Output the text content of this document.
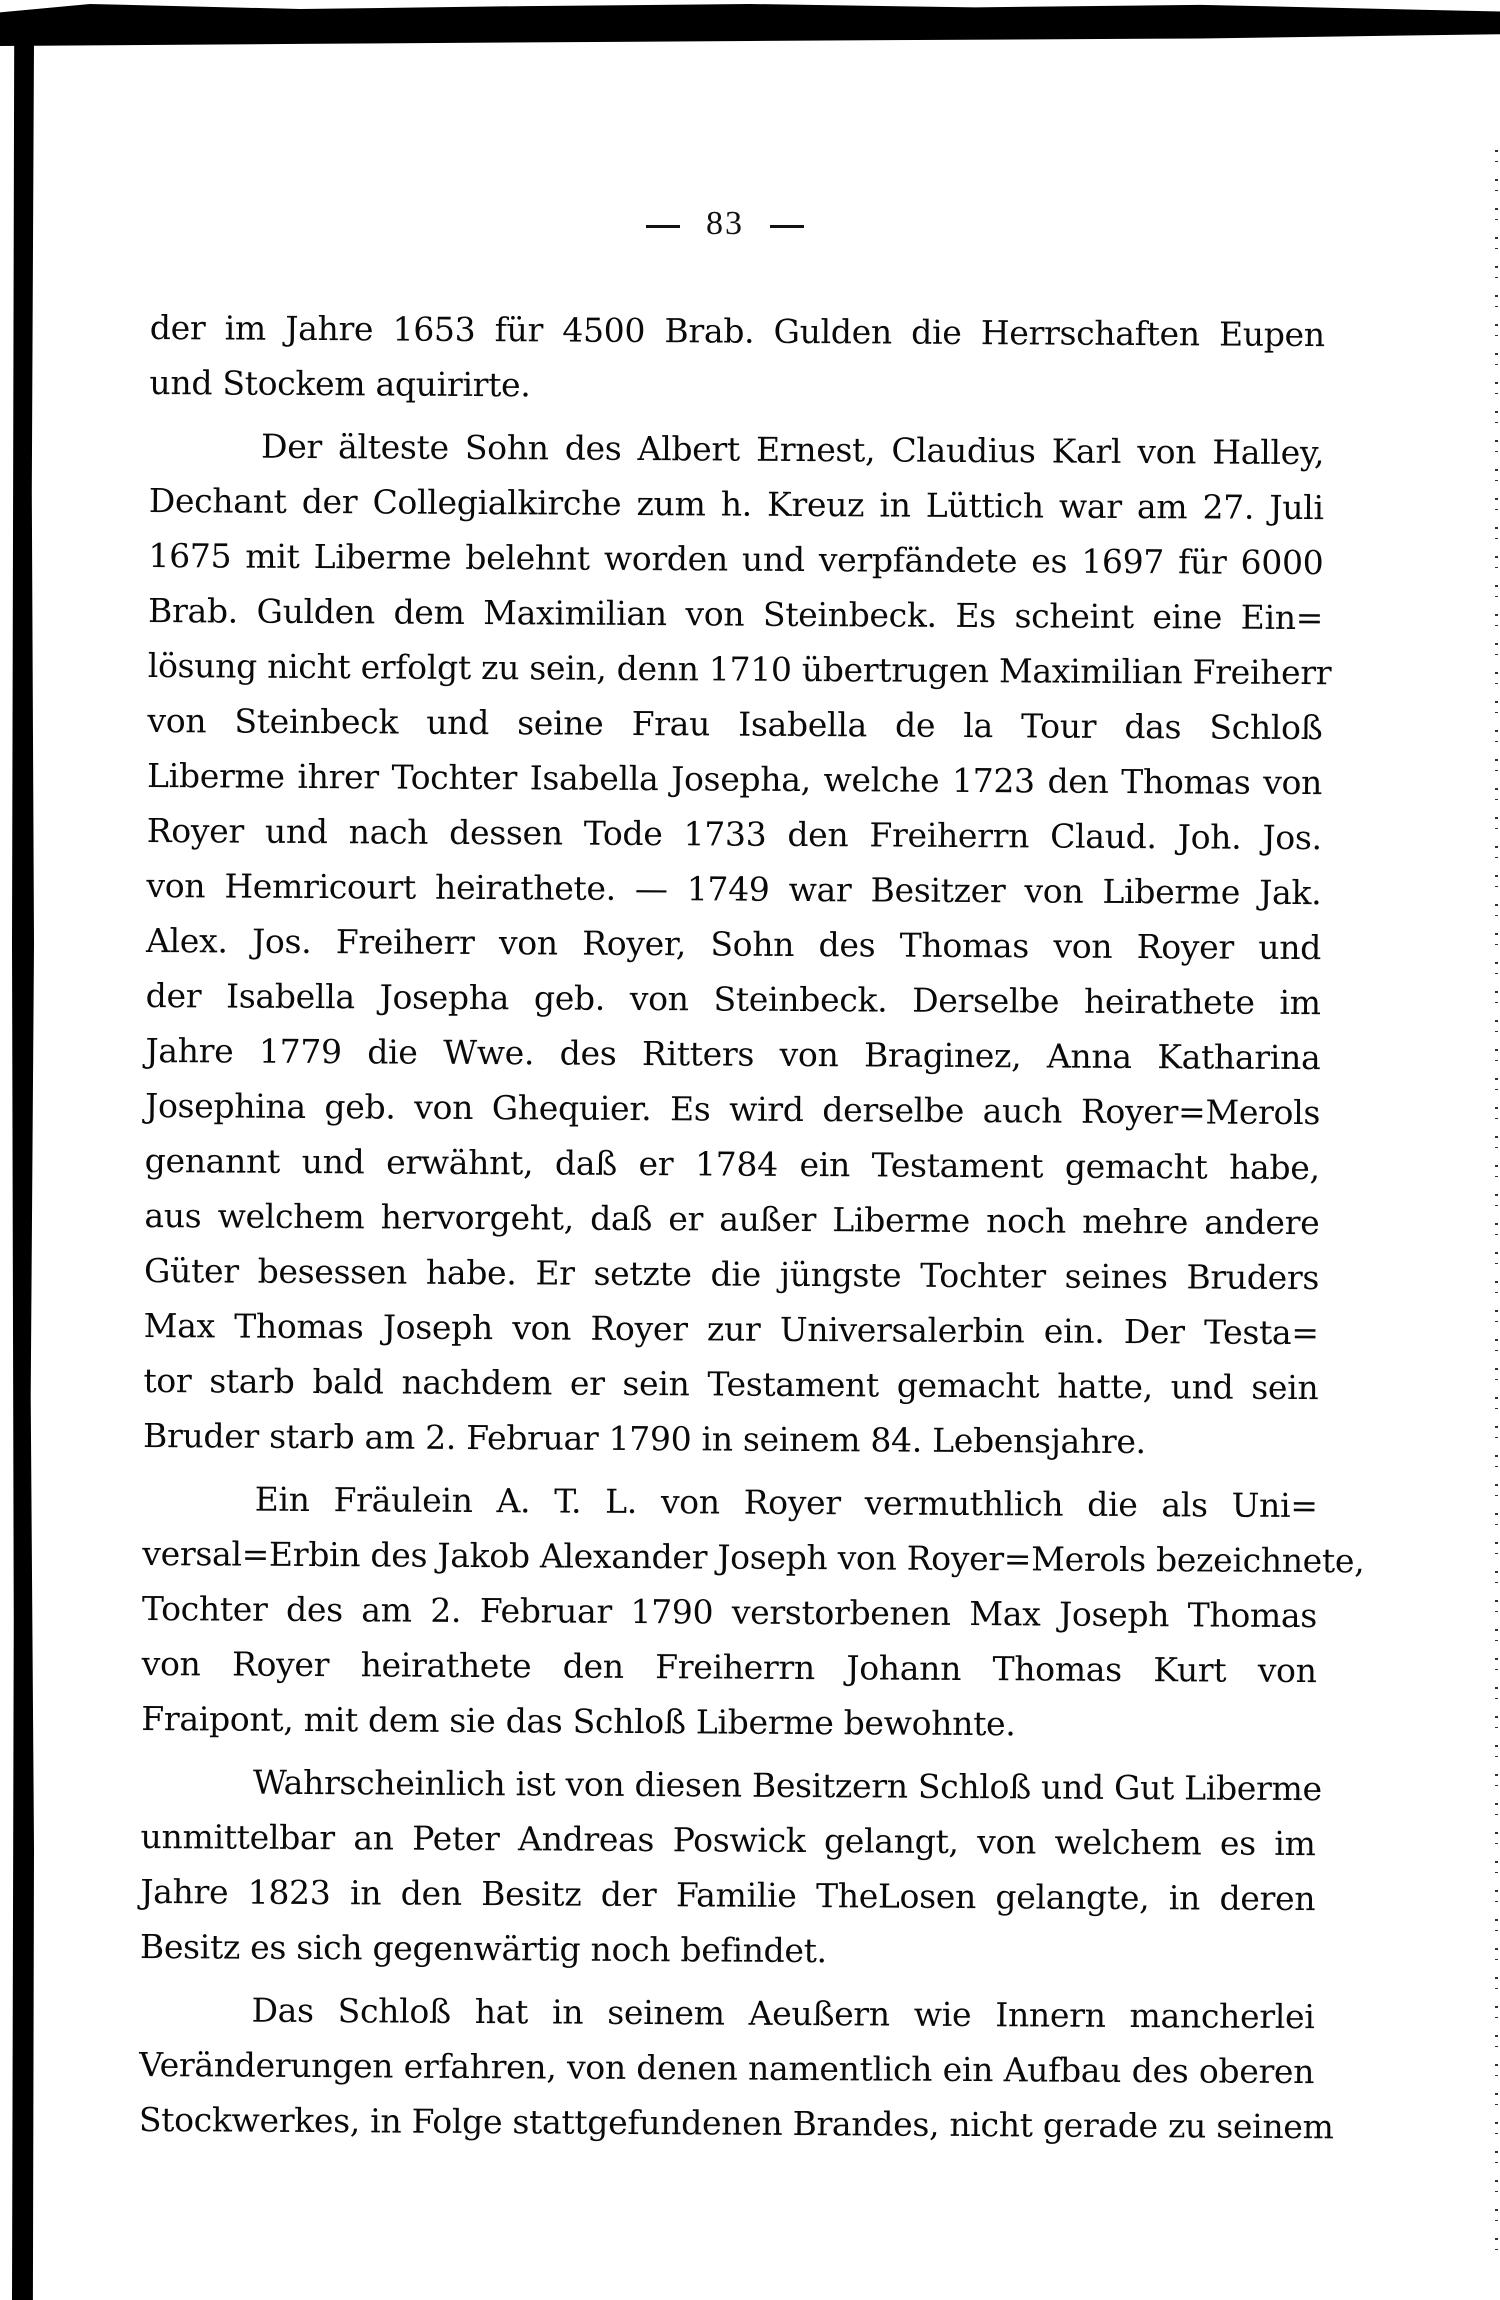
83
der im Jahre 1653 für 4500 Brab. Gulden die Herrschaften Eupen
und Stockem aquirirte.
Der älteste Sohn des Albert Ernest, Claudius Karl von Halley,
Dechant der Collegialkirche zum h. Kreuz in Lüttich war am 27. Juli
1675 mit Liberme belehnt worden und verpfändete es 1697 für 6000
Brab. Gulden dem Maximilian von Steinbeck. Es scheint eine Ein=
lösung nicht erfolgt zu sein, denn 1710 übertrugen Maximilian Freiherr
von Steinbeck und seine Frau Isabella de la Tour das Schloß
Liberme ihrer Tochter Isabella Josepha, welche 1723 den Thomas von
Royer und nach dessen Tode 1733 den Freiherrn Claud. Joh. Jos.
von Hemricourt heirathete. — 1749 war Besitzer von Liberme Jak.
Alex. Jos. Freiherr von Royer, Sohn des Thomas von Royer und
der Isabella Josepha geb. von Steinbeck. Derselbe heirathete im
Jahre 1779 die Wwe. des Ritters von Braginez, Anna Katharina
Josephina geb. von Ghequier. Es wird derselbe auch Royer=Merols
genannt und erwähnt, daß er 1784 ein Testament gemacht habe,
aus welchem hervorgeht, daß er außer Liberme noch mehre andere
Güter besessen habe. Er setzte die jüngste Tochter seines Bruders
Max Thomas Joseph von Royer zur Universalerbin ein. Der Testa=
tor starb bald nachdem er sein Testament gemacht hatte, und sein
Bruder starb am 2. Februar 1790 in seinem 84. Lebensjahre.
Ein Fräulein A. T. L. von Royer vermuthlich die als Uni=
versal=Erbin des Jakob Alexander Joseph von Royer=Merols bezeichnete,
Tochter des am 2. Februar 1790 verstorbenen Max Joseph Thomas
von Royer heirathete den Freiherrn Johann Thomas Kurt von
Fraipont, mit dem sie das Schloß Liberme bewohnte.
Wahrscheinlich ist von diesen Besitzern Schloß und Gut Liberme
unmittelbar an Peter Andreas Poswick gelangt, von welchem es im
Jahre 1823 in den Besitz der Familie TheLosen gelangte, in deren
Besitz es sich gegenwärtig noch befindet.
Das Schloß hat in seinem Aeußern wie Innern mancherlei
Veränderungen erfahren, von denen namentlich ein Aufbau des oberen
Stockwerkes, in Folge stattgefundenen Brandes, nicht gerade zu seinem
